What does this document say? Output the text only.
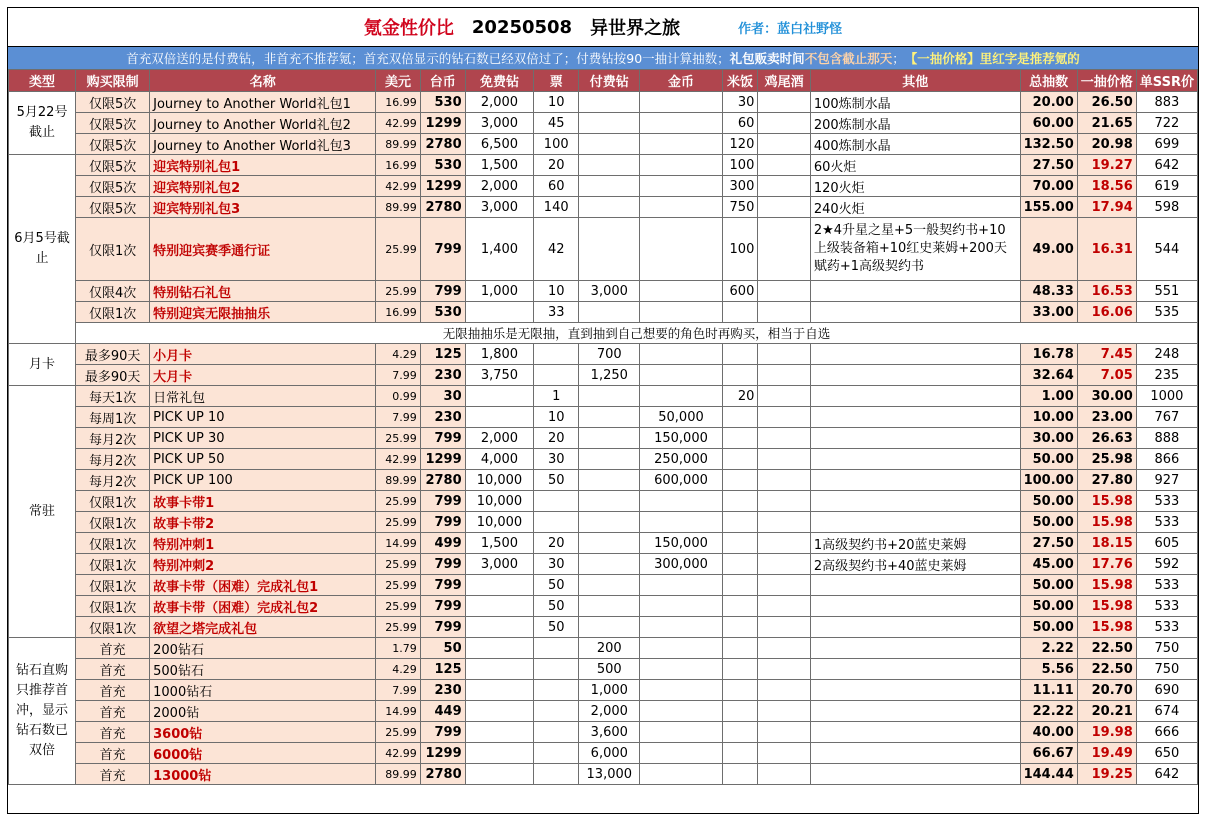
氪金性价比 20250508 异世界之旅	作者：蓝白社野怪
首充双倍送的是付费钻，非首充不推荐氪；首充双倍显示的钻石数已经双倍过了；付费钻按90一抽计算抽数； 礼包贩卖时间 不包含截止那天 ； 【一抽价格】里红字是推荐氪的
类型	购买限制	名称	美元	台币	免费钻	票	付费钻	金币	米饭	鸡尾酒	其他	总抽数	一抽价格	单SSR价
5月22号截止	仅限5次	Journey to Another World礼包1	16.99	530	2,000	10			30		100炼制水晶	20.00	26.50	883
	仅限5次	Journey to Another World礼包2	42.99	1299	3,000	45			60		200炼制水晶	60.00	21.65	722
	仅限5次	Journey to Another World礼包3	89.99	2780	6,500	100			120		400炼制水晶	132.50	20.98	699
6月5号截止	仅限5次	迎宾特别礼包1	16.99	530	1,500	20			100		60火炬	27.50	19.27	642
	仅限5次	迎宾特别礼包2	42.99	1299	2,000	60			300		120火炬	70.00	18.56	619
	仅限5次	迎宾特别礼包3	89.99	2780	3,000	140			750		240火炬	155.00	17.94	598
	仅限1次	特别迎宾赛季通行证	25.99	799	1,400	42			100		2★4升星之星+5一般契约书+10上级装备箱+10红史莱姆+200天赋药+1高级契约书	49.00	16.31	544
	仅限4次	特别钻石礼包	25.99	799	1,000	10	3,000		600			48.33	16.53	551
	仅限1次	特别迎宾无限抽抽乐	16.99	530		33						33.00	16.06	535
	无限抽抽乐是无限抽，直到抽到自己想要的角色时再购买，相当于自选													
月卡	最多90天	小月卡	4.29	125	1,800		700					16.78	7.45	248
	最多90天	大月卡	7.99	230	3,750		1,250					32.64	7.05	235
常驻	每天1次	日常礼包	0.99	30		1			20			1.00	30.00	1000
	每周1次	PICK UP 10	7.99	230		10		50,000				10.00	23.00	767
	每月2次	PICK UP 30	25.99	799	2,000	20		150,000				30.00	26.63	888
	每月2次	PICK UP 50	42.99	1299	4,000	30		250,000				50.00	25.98	866
	每月2次	PICK UP 100	89.99	2780	10,000	50		600,000				100.00	27.80	927
	仅限1次	故事卡带1	25.99	799	10,000							50.00	15.98	533
	仅限1次	故事卡带2	25.99	799	10,000							50.00	15.98	533
	仅限1次	特别冲刺1	14.99	499	1,500	20		150,000			1高级契约书+20蓝史莱姆	27.50	18.15	605
	仅限1次	特别冲刺2	25.99	799	3,000	30		300,000			2高级契约书+40蓝史莱姆	45.00	17.76	592
	仅限1次	故事卡带（困难）完成礼包1	25.99	799		50						50.00	15.98	533
	仅限1次	故事卡带（困难）完成礼包2	25.99	799		50						50.00	15.98	533
	仅限1次	欲望之塔完成礼包	25.99	799		50						50.00	15.98	533
钻石直购只推荐首冲，显示钻石数已双倍	首充	200钻石	1.79	50			200					2.22	22.50	750
	首充	500钻石	4.29	125			500					5.56	22.50	750
	首充	1000钻石	7.99	230			1,000					11.11	20.70	690
	首充	2000钻	14.99	449			2,000					22.22	20.21	674
	首充	3600钻	25.99	799			3,600					40.00	19.98	666
	首充	6000钻	42.99	1299			6,000					66.67	19.49	650
	首充	13000钻	89.99	2780			13,000					144.44	19.25	642
